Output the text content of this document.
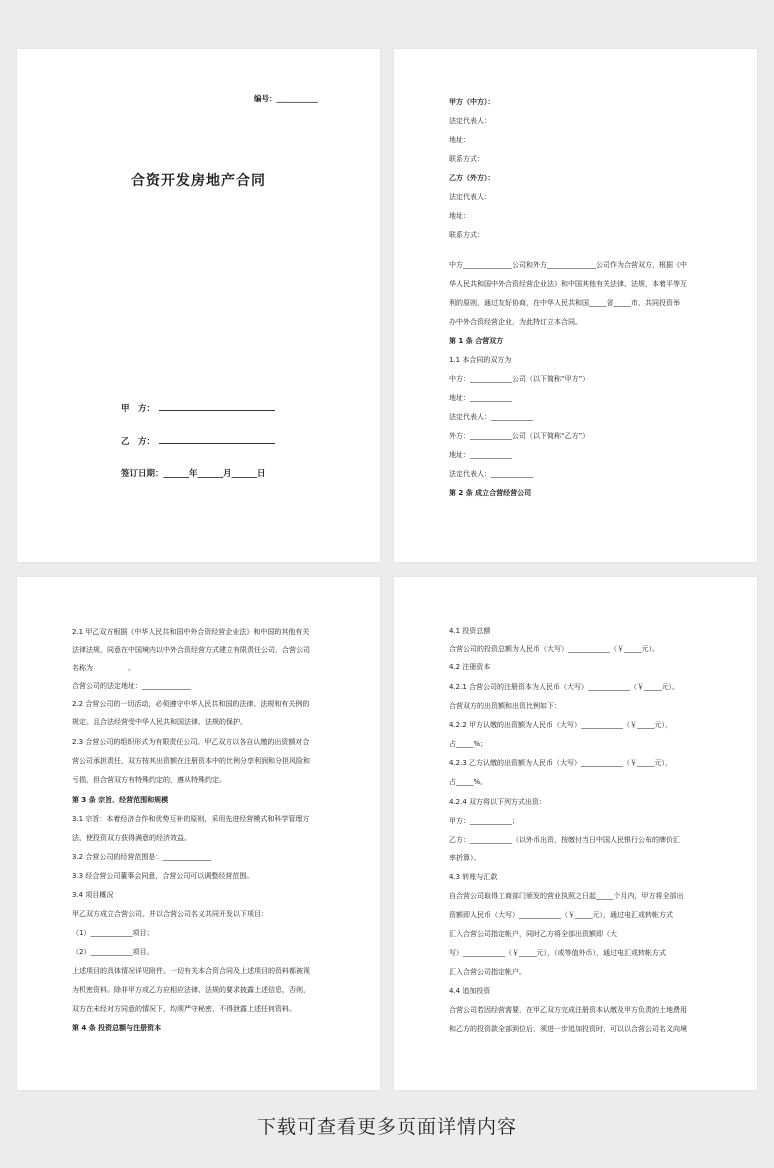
编号：___________
合资开发房地产合同
甲　方：
乙　方：
签订日期：______年______月______日
甲方（中方）：
法定代表人：
地址：
联系方式：
乙方（外方）：
法定代表人：
地址：
联系方式：
中方______________公司和外方______________公司作为合营双方，根据《中
华人民共和国中外合资经营企业法》和中国其他有关法律、法规，本着平等互
利的原则，通过友好协商，在中华人民共和国_____省_____市，共同投资举
办中外合资经营企业，为此特订立本合同。
第 1 条 合营双方
1.1 本合同的双方为
中方：____________公司（以下简称“甲方”）
地址：____________
法定代表人：____________
外方：____________公司（以下简称“乙方”）
地址：____________
法定代表人：____________
第 2 条 成立合营经营公司
2.1 甲乙双方根据《中华人民共和国中外合资经营企业法》和中国的其他有关
法律法规，同意在中国境内以中外合资经营方式建立有限责任公司，合营公司
名称为　　　　　。
合营公司的法定地址：______________
2.2 合营公司的一切活动，必须遵守中华人民共和国的法律、法规和有关例的
规定。且合法经营受中华人民共和国法律、法规的保护。
2.3 合营公司的组织形式为有限责任公司。甲乙双方以各自认缴的出资额对合
营公司承担责任，双方按其出资额在注册资本中的比例分享利润和分担风险和
亏损，但合营双方有特殊约定的，遵从特殊约定。
第 3 条 宗旨、经营范围和规模
3.1 宗旨：本着经济合作和优势互补的原则，采用先进经营模式和科学管理方
法，使投资双方获得满意的经济效益。
3.2 合营公司的经营范围是：______________
3.3 经合营公司董事会同意，合营公司可以调整经营范围。
3.4 项目概况
甲乙双方成立合营公司，并以合营公司名义共同开发以下项目：
（1）____________项目；
（2）____________项目。
上述项目的具体情况详见附件。一切有关本合资合同及上述项目的资料都被视
为机密资料。除非甲方或乙方应相应法律、法规的要求披露上述信息，否则，
双方在未经对方同意的情况下，均须严守秘密，不得泄露上述任何资料。
第 4 条 投资总额与注册资本
4.1 投资总额
合营公司的投资总额为人民币（大写）____________（￥_____元）。
4.2 注册资本
4.2.1 合营公司的注册资本为人民币（大写）____________（￥_____元）。
合营双方的出资额和出资比例如下：
4.2.2 甲方认缴的出资额为人民币（大写）____________（￥_____元），
占_____%；
4.2.3 乙方认缴的出资额为人民币（大写）____________（￥_____元），
占_____%。
4.2.4 双方将以下列方式出资：
甲方：____________；
乙方：____________（以外币出资，按缴付当日中国人民银行公布的牌价汇
率折算）。
4.3 转账与汇款
自合营公司取得工商部门颁发的营业执照之日起_____个月内，甲方将全部出
资额即人民币（大写）____________（￥_____元），通过电汇或转帐方式
汇入合营公司指定帐户，同时乙方将全部出资额即（大
写）____________（￥_____元），（或等值外币），通过电汇或转帐方式
汇入合营公司指定帐户。
4.4 追加投资
合营公司若因经营需要，在甲乙双方完成注册资本认缴及甲方负责的土地费用
和乙方的投资款全部到位后，须进一步追加投资时，可以以合营公司名义向境
下载可查看更多页面详情内容
